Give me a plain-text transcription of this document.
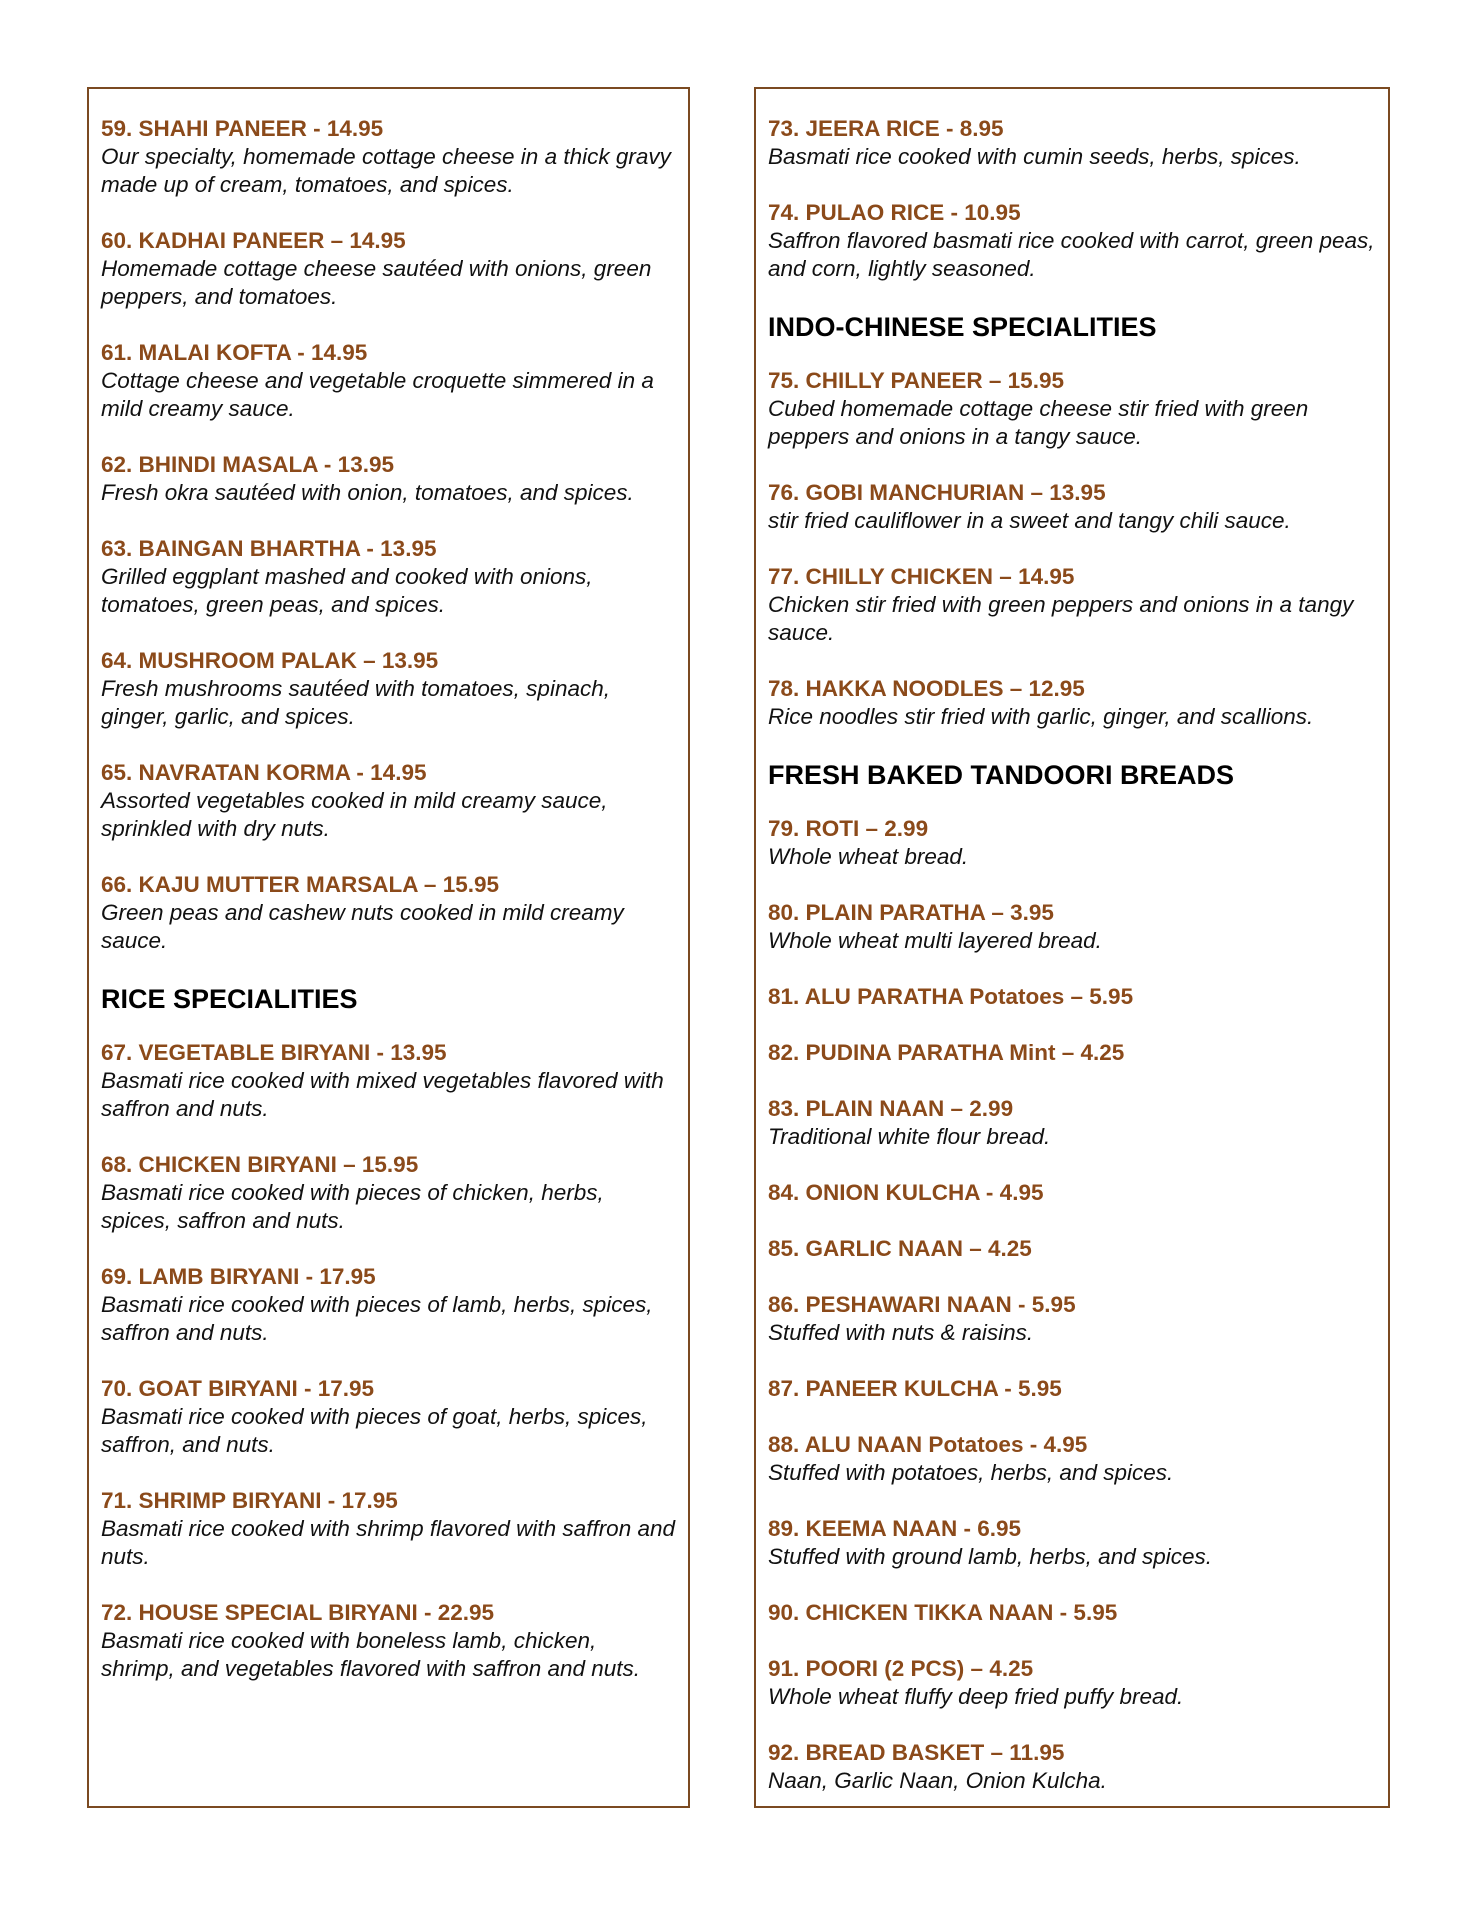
59. SHAHI PANEER - 14.95
Our specialty, homemade cottage cheese in a thick gravy made up of cream, tomatoes, and spices.
60. KADHAI PANEER – 14.95
Homemade cottage cheese sautéed with onions, green peppers, and tomatoes.
61. MALAI KOFTA - 14.95
Cottage cheese and vegetable croquette simmered in a mild creamy sauce.
62. BHINDI MASALA - 13.95
Fresh okra sautéed with onion, tomatoes, and spices.
63. BAINGAN BHARTHA - 13.95
Grilled eggplant mashed and cooked with onions, tomatoes, green peas, and spices.
64. MUSHROOM PALAK – 13.95
Fresh mushrooms sautéed with tomatoes, spinach, ginger, garlic, and spices.
65. NAVRATAN KORMA - 14.95
Assorted vegetables cooked in mild creamy sauce, sprinkled with dry nuts.
66. KAJU MUTTER MARSALA – 15.95
Green peas and cashew nuts cooked in mild creamy sauce.
RICE SPECIALITIES
67. VEGETABLE BIRYANI - 13.95
Basmati rice cooked with mixed vegetables flavored with saffron and nuts.
68. CHICKEN BIRYANI – 15.95
Basmati rice cooked with pieces of chicken, herbs, spices, saffron and nuts.
69. LAMB BIRYANI - 17.95
Basmati rice cooked with pieces of lamb, herbs, spices, saffron and nuts.
70. GOAT BIRYANI - 17.95
Basmati rice cooked with pieces of goat, herbs, spices, saffron, and nuts.
71. SHRIMP BIRYANI - 17.95
Basmati rice cooked with shrimp flavored with saffron and nuts.
72. HOUSE SPECIAL BIRYANI - 22.95
Basmati rice cooked with boneless lamb, chicken, shrimp, and vegetables flavored with saffron and nuts.
73. JEERA RICE - 8.95
Basmati rice cooked with cumin seeds, herbs, spices.
74. PULAO RICE - 10.95
Saffron flavored basmati rice cooked with carrot, green peas, and corn, lightly seasoned.
INDO-CHINESE SPECIALITIES
75. CHILLY PANEER – 15.95
Cubed homemade cottage cheese stir fried with green peppers and onions in a tangy sauce.
76. GOBI MANCHURIAN – 13.95
stir fried cauliflower in a sweet and tangy chili sauce.
77. CHILLY CHICKEN – 14.95
Chicken stir fried with green peppers and onions in a tangy sauce.
78. HAKKA NOODLES – 12.95
Rice noodles stir fried with garlic, ginger, and scallions.
FRESH BAKED TANDOORI BREADS
79. ROTI – 2.99
Whole wheat bread.
80. PLAIN PARATHA – 3.95
Whole wheat multi layered bread.
81. ALU PARATHA Potatoes – 5.95
82. PUDINA PARATHA Mint – 4.25
83. PLAIN NAAN – 2.99
Traditional white flour bread.
84. ONION KULCHA - 4.95
85. GARLIC NAAN – 4.25
86. PESHAWARI NAAN - 5.95
Stuffed with nuts & raisins.
87. PANEER KULCHA - 5.95
88. ALU NAAN Potatoes - 4.95
Stuffed with potatoes, herbs, and spices.
89. KEEMA NAAN - 6.95
Stuffed with ground lamb, herbs, and spices.
90. CHICKEN TIKKA NAAN - 5.95
91. POORI (2 PCS) – 4.25
Whole wheat fluffy deep fried puffy bread.
92. BREAD BASKET – 11.95
Naan, Garlic Naan, Onion Kulcha.
